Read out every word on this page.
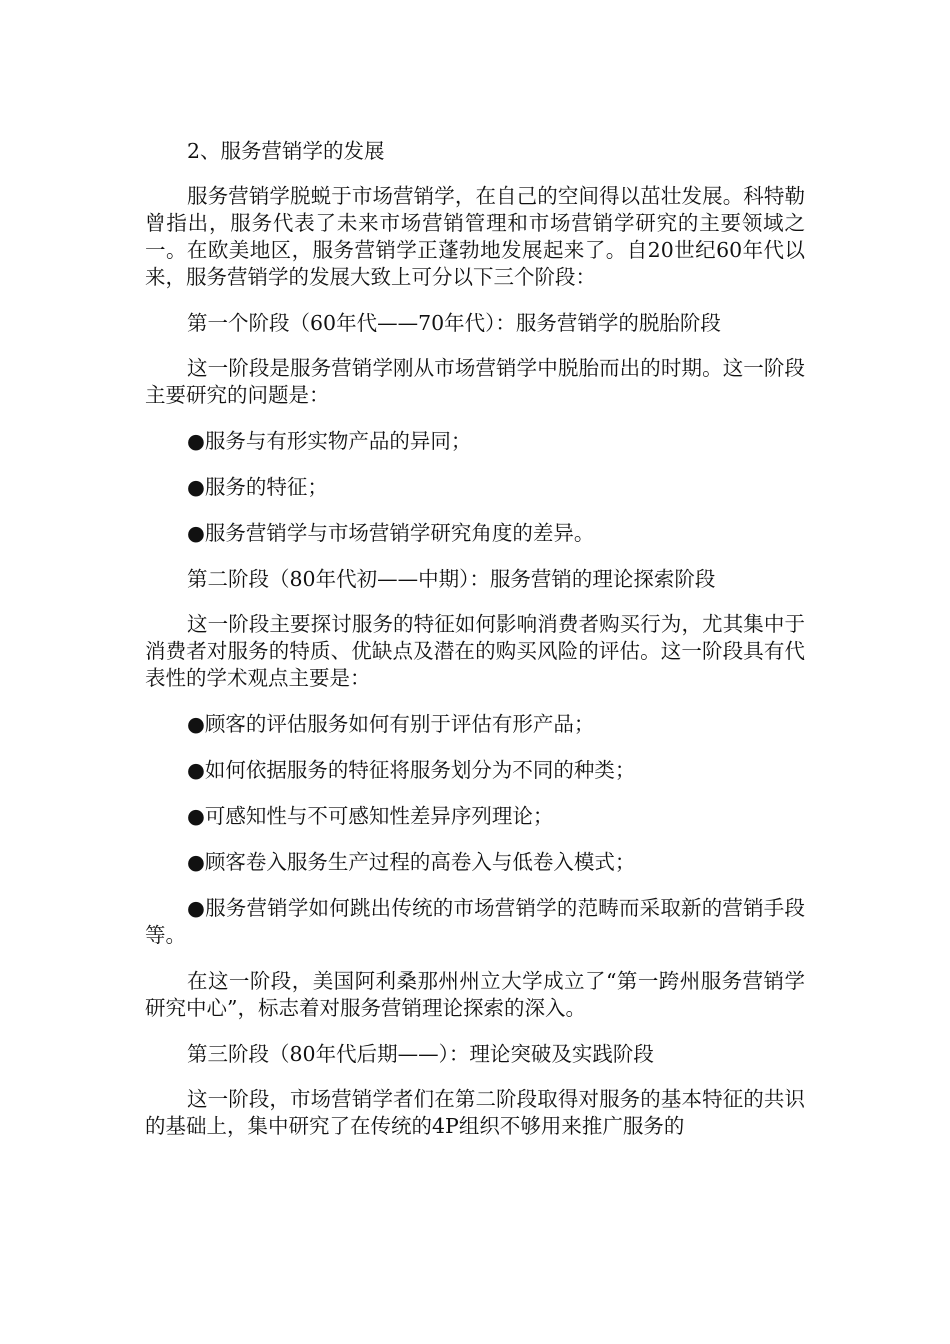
2、服务营销学的发展

服务营销学脱蜕于市场营销学，在自己的空间得以茁壮发展。科特勒曾指出，服务代表了未来市场营销管理和市场营销学研究的主要领域之一。在欧美地区，服务营销学正蓬勃地发展起来了。自20世纪60年代以来，服务营销学的发展大致上可分以下三个阶段：

第一个阶段（60年代——70年代）：服务营销学的脱胎阶段

这一阶段是服务营销学刚从市场营销学中脱胎而出的时期。这一阶段主要研究的问题是：

●服务与有形实物产品的异同；

●服务的特征；

●服务营销学与市场营销学研究角度的差异。

第二阶段（80年代初——中期）：服务营销的理论探索阶段

这一阶段主要探讨服务的特征如何影响消费者购买行为，尤其集中于消费者对服务的特质、优缺点及潜在的购买风险的评估。这一阶段具有代表性的学术观点主要是：

●顾客的评估服务如何有别于评估有形产品；

●如何依据服务的特征将服务划分为不同的种类；

●可感知性与不可感知性差异序列理论；

●顾客卷入服务生产过程的高卷入与低卷入模式；

●服务营销学如何跳出传统的市场营销学的范畴而采取新的营销手段等。

在这一阶段，美国阿利桑那州州立大学成立了“第一跨州服务营销学研究中心”，标志着对服务营销理论探索的深入。

第三阶段（80年代后期——）：理论突破及实践阶段

这一阶段，市场营销学者们在第二阶段取得对服务的基本特征的共识的基础上，集中研究了在传统的4P组织不够用来推广服务的
